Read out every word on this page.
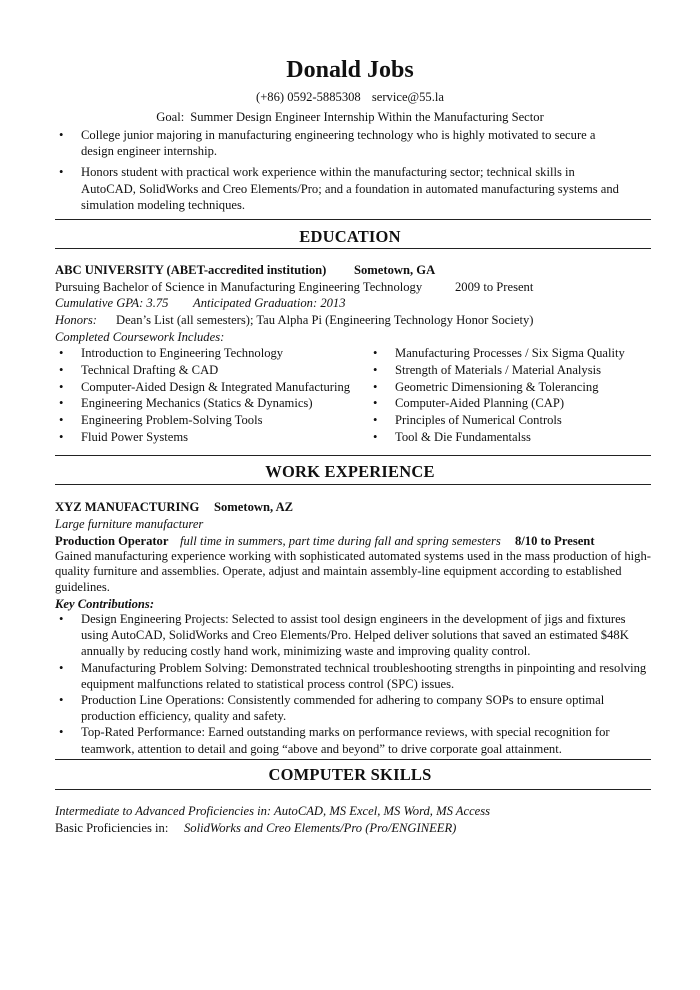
Donald Jobs
(+86) 0592-5885308 service@55.la
Goal: Summer Design Engineer Internship Within the Manufacturing Sector
• College junior majoring in manufacturing engineering technology who is highly motivated to secure a design engineer internship.
• Honors student with practical work experience within the manufacturing sector; technical skills in AutoCAD, SolidWorks and Creo Elements/Pro; and a foundation in automated manufacturing systems and simulation modeling techniques.
EDUCATION
ABC UNIVERSITY (ABET-accredited institution) Sometown, GA
Pursuing Bachelor of Science in Manufacturing Engineering Technology	2009 to Present
Cumulative GPA: 3.75 Anticipated Graduation: 2013
Honors: Dean’s List (all semesters); Tau Alpha Pi (Engineering Technology Honor Society)
Completed Coursework Includes:
• Introduction to Engineering Technology
• Technical Drafting & CAD
• Computer-Aided Design & Integrated Manufacturing
• Engineering Mechanics (Statics & Dynamics)
• Engineering Problem-Solving Tools
• Fluid Power Systems
• Manufacturing Processes / Six Sigma Quality
• Strength of Materials / Material Analysis
• Geometric Dimensioning & Tolerancing
• Computer-Aided Planning (CAP)
• Principles of Numerical Controls
• Tool & Die Fundamentalss
WORK EXPERIENCE
XYZ MANUFACTURING Sometown, AZ
Large furniture manufacturer
Production Operator full time in summers, part time during fall and spring semesters 8/10 to Present
Gained manufacturing experience working with sophisticated automated systems used in the mass production of high-quality furniture and assemblies. Operate, adjust and maintain assembly-line equipment according to established guidelines.
Key Contributions:
• Design Engineering Projects: Selected to assist tool design engineers in the development of jigs and fixtures using AutoCAD, SolidWorks and Creo Elements/Pro. Helped deliver solutions that saved an estimated $48K annually by reducing costly hand work, minimizing waste and improving quality control.
• Manufacturing Problem Solving: Demonstrated technical troubleshooting strengths in pinpointing and resolving equipment malfunctions related to statistical process control (SPC) issues.
• Production Line Operations: Consistently commended for adhering to company SOPs to ensure optimal production efficiency, quality and safety.
• Top-Rated Performance: Earned outstanding marks on performance reviews, with special recognition for teamwork, attention to detail and going “above and beyond” to drive corporate goal attainment.
COMPUTER SKILLS
Intermediate to Advanced Proficiencies in: AutoCAD, MS Excel, MS Word, MS Access
Basic Proficiencies in: SolidWorks and Creo Elements/Pro (Pro/ENGINEER)
